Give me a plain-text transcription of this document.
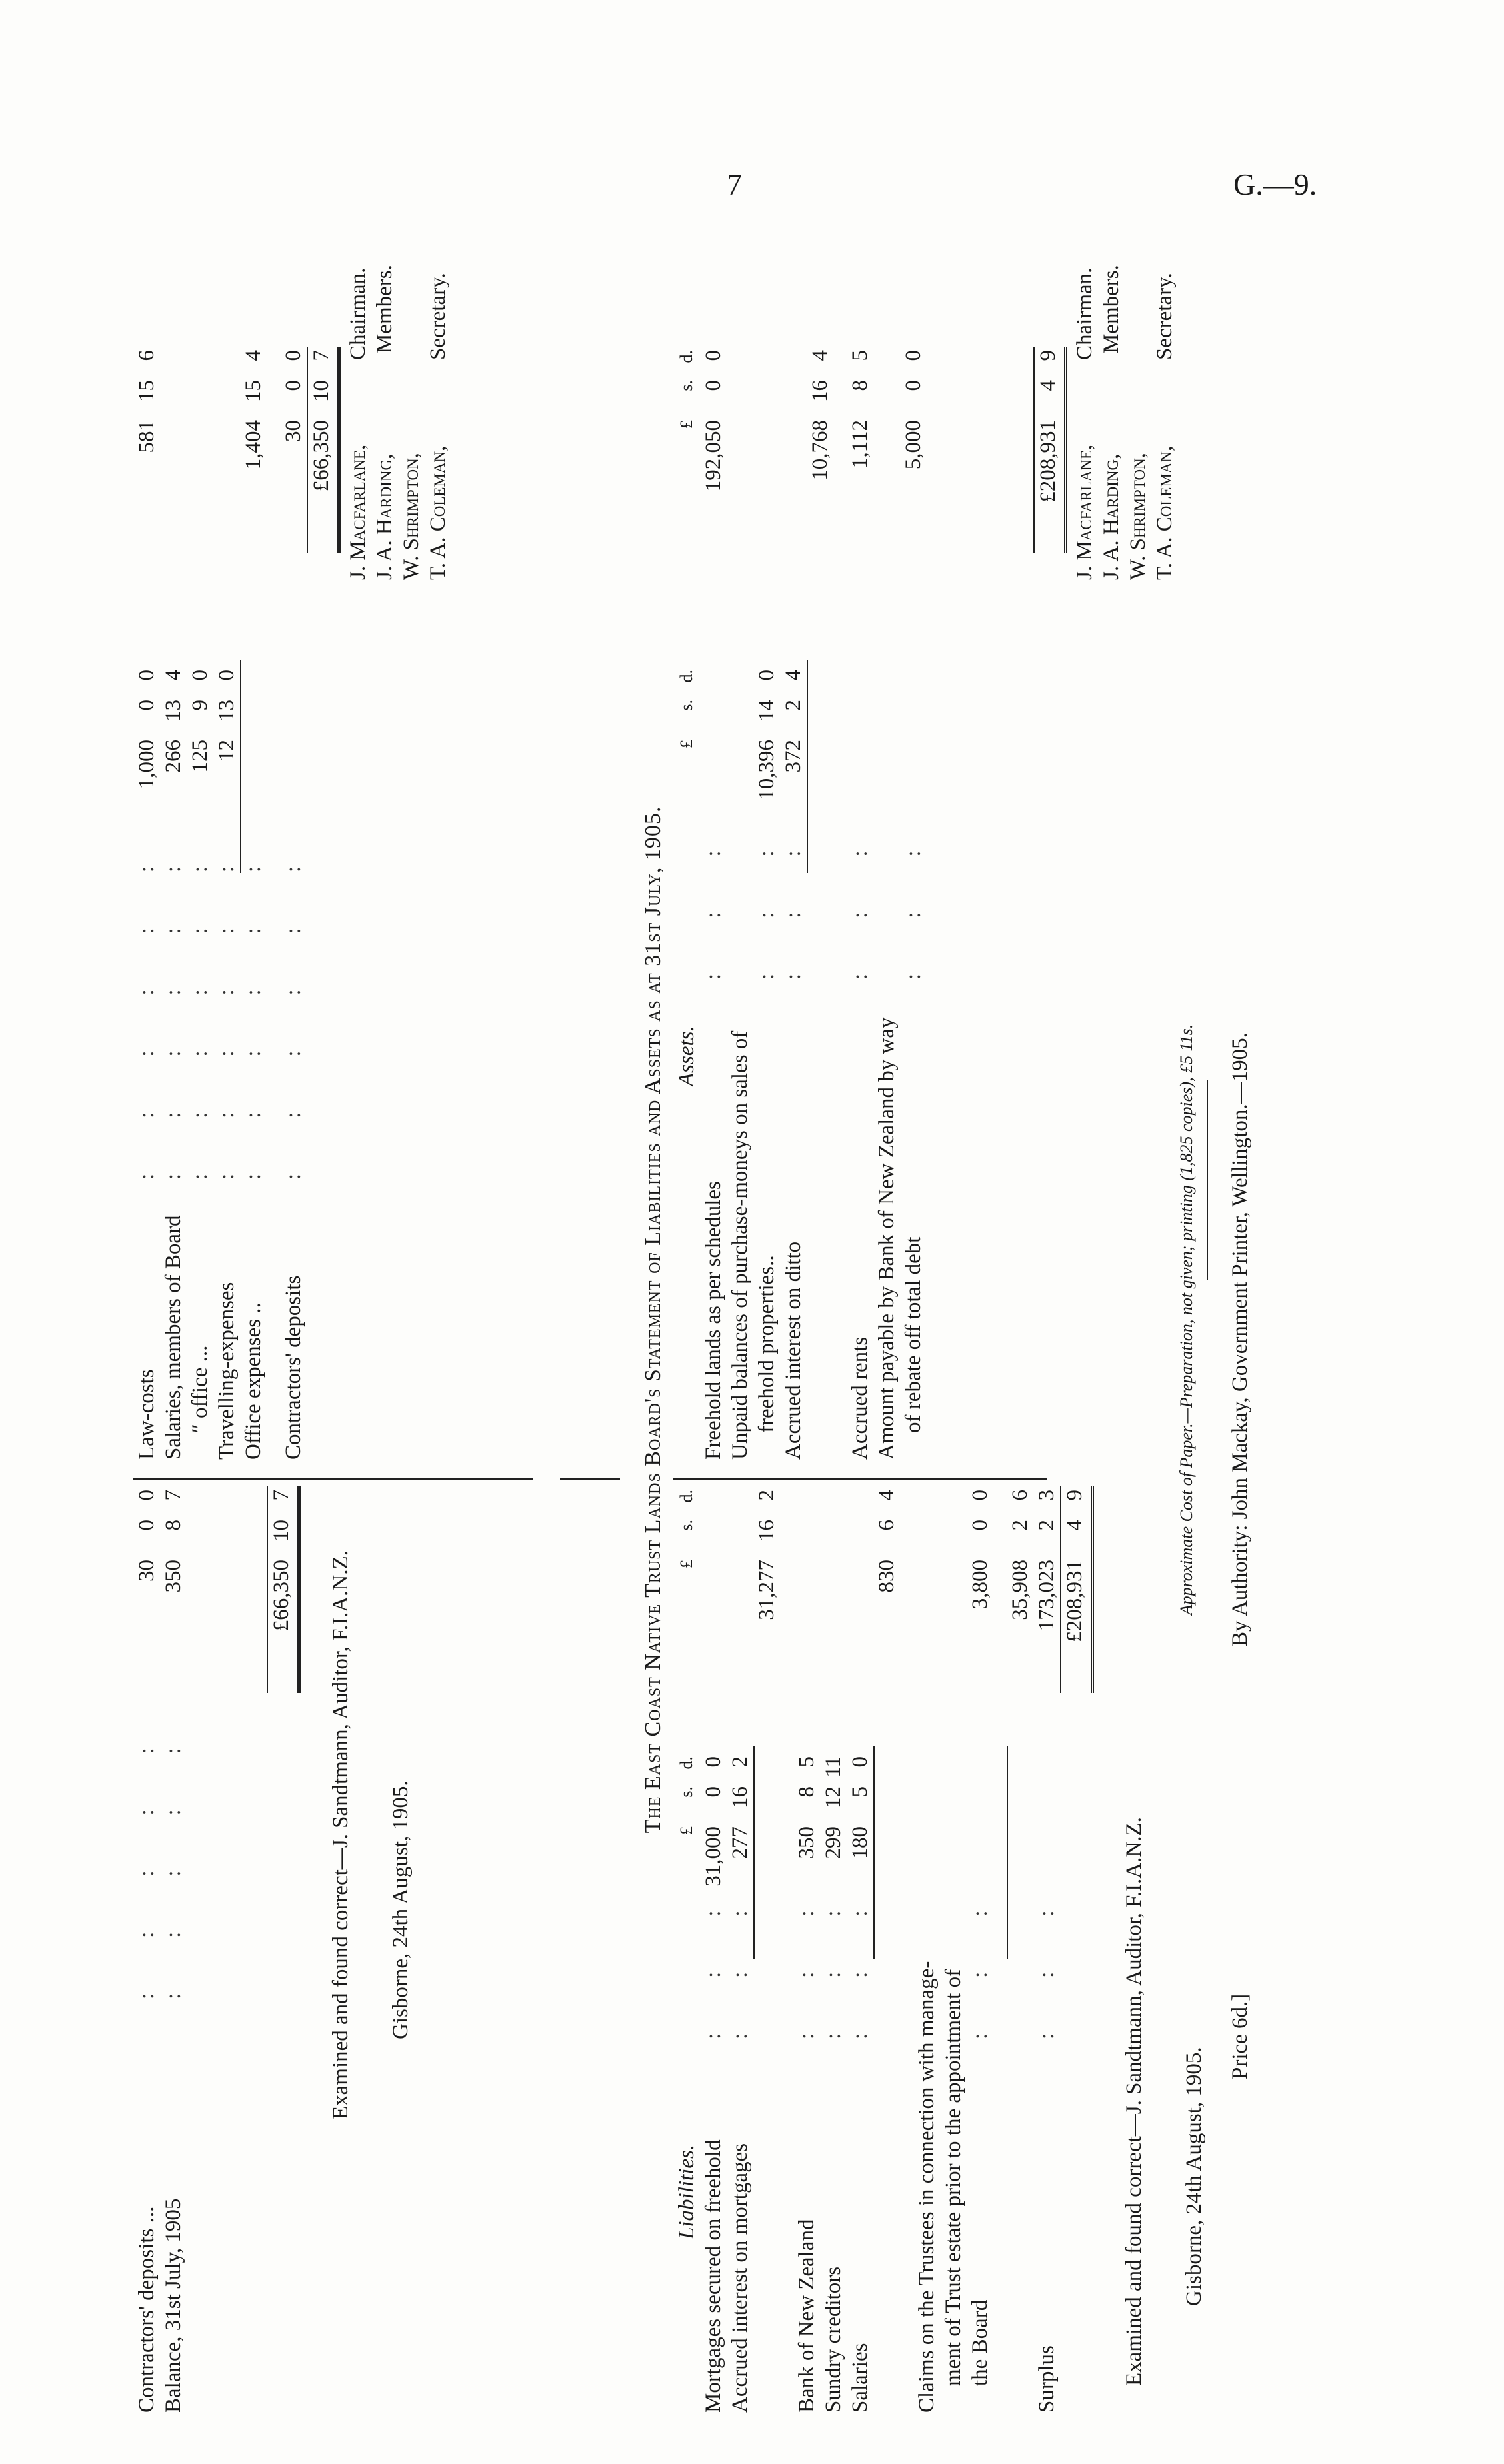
7	G.—9.
Contractors' deposits ...
:    :    :    :    :
30
0
0
Balance, 31st July, 1905
:    :    :    :    :
350
8
7
£66,350
10
7
Examined and found correct—J. Sandtmann, Auditor, F.I.A.N.Z. Gisborne, 24th August, 1905.
Law-costs
:    :    :    :    :    :
1,000
0
0
581
15
6
Salaries, members of Board
:    :    :    :    :    :
266
13
4
″ office ...
:    :    :    :    :    :
125
9
0
Travelling-expenses
:    :    :    :    :    :
12
13
0
Office expenses ..
:    :    :    :    :    :
1,404
15
4
Contractors' deposits
:    :    :    :    :    :
30
0
0
£66,350
10
7
J. Macfarlane,
Chairman.
J. A. Harding,
Members.
W. Shrimpton, T. A. Coleman,
Secretary.
The East Coast Native Trust Lands Board's Statement of Liabilities and Assets as at 31st July, 1905.
Liabilities.
£
s.
d.
£
s.
d.
Mortgages secured on freehold
:    :    :
31,000
0
0
Accrued interest on mortgages
:    :    :
277
16
2
31,277
16
2
Bank of New Zealand
:    :    :
350
8
5
Sundry creditors
:    :    :
299
12
11
Salaries
:    :    :
180
5
0
830
6
4
Claims on the Trustees in connection with manage- ment of Trust estate prior to the appointment of the Board
:    :    :
3,800
0
0
35,908
2
6
Surplus
:    :    :
173,023
2
3
£208,931
4
9
Examined and found correct—J. Sandtmann, Auditor, F.I.A.N.Z. Gisborne, 24th August, 1905.
Assets.
£
s.
d.
£
s.
d.
Freehold lands as per schedules
:    :    :
192,050
0
0
Unpaid balances of purchase-moneys on sales of freehold properties..
:    :    :
10,396
14
0
Accrued interest on ditto
:    :    :
372
2
4
10,768
16
4
Accrued rents
:    :    :
1,112
8
5
Amount payable by Bank of New Zealand by way of rebate off total debt
:    :    :
5,000
0
0
£208,931
4
9
J. Macfarlane,
Chairman.
J. A. Harding,
Members.
W. Shrimpton, T. A. Coleman,
Secretary.
Approximate Cost of Paper.—Preparation, not given; printing (1,825 copies), £5 11s.
Price 6d.]
By Authority: John Mackay, Government Printer, Wellington.—1905.
